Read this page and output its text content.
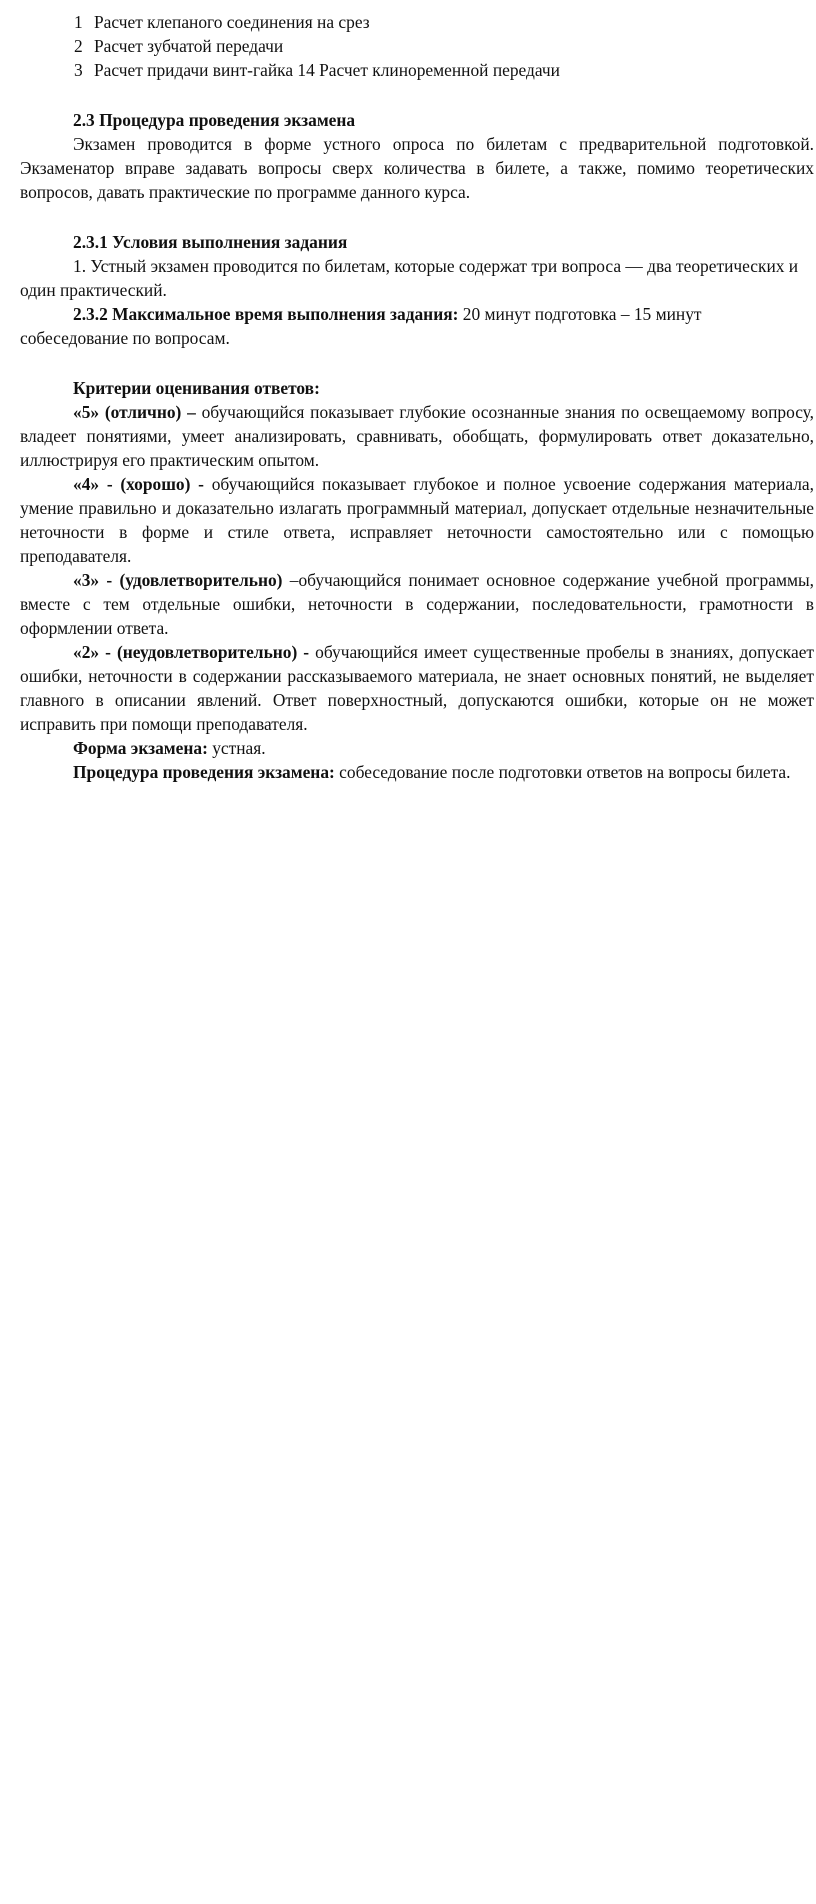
1 Расчет клепаного соединения на срез
2 Расчет зубчатой передачи
3 Расчет придачи винт-гайка 14 Расчет клиноременной передачи
2.3 Процедура проведения экзамена

Экзамен проводится в форме устного опроса по билетам с предварительной подготовкой. Экзаменатор вправе задавать вопросы сверх количества в билете, а также, помимо теоретических вопросов, давать практические по программе данного курса.

2.3.1 Условия выполнения задания

1. Устный экзамен проводится по билетам, которые содержат три вопроса — два теоретических и один практический.

2.3.2 Максимальное время выполнения задания: 20 минут подготовка – 15 минут собеседование по вопросам.

Критерии оценивания ответов:

«5» (отлично) – обучающийся показывает глубокие осознанные знания по освещаемому вопросу, владеет понятиями, умеет анализировать, сравнивать, обобщать, формулировать ответ доказательно, иллюстрируя его практическим опытом.

«4» - (хорошо) - обучающийся показывает глубокое и полное усвоение содержания материала, умение правильно и доказательно излагать программный материал, допускает отдельные незначительные неточности в форме и стиле ответа, исправляет неточности самостоятельно или с помощью преподавателя.

«3» - (удовлетворительно) –обучающийся понимает основное содержание учебной программы, вместе с тем отдельные ошибки, неточности в содержании, последовательности, грамотности в оформлении ответа.

«2» - (неудовлетворительно) - обучающийся имеет существенные пробелы в знаниях, допускает ошибки, неточности в содержании рассказываемого материала, не знает основных понятий, не выделяет главного в описании явлений. Ответ поверхностный, допускаются ошибки, которые он не может исправить при помощи преподавателя.

Форма экзамена: устная.

Процедура проведения экзамена: собеседование после подготовки ответов на вопросы билета.
